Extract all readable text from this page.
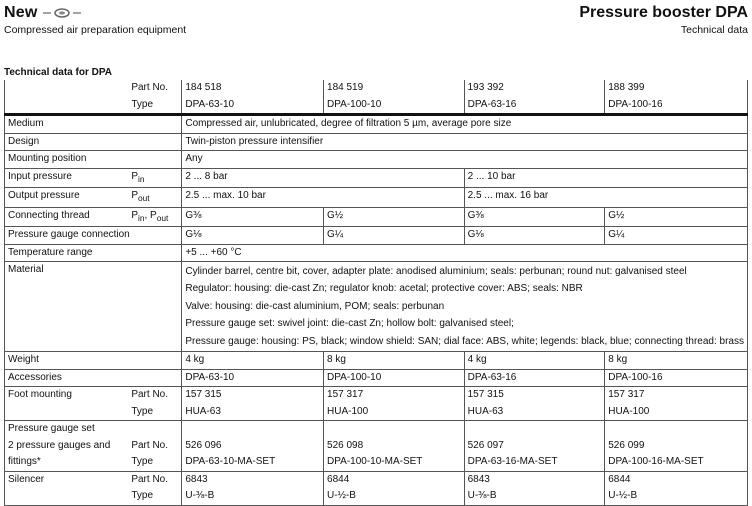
New
Compressed air preparation equipment
Pressure booster DPA
Technical data
Technical data for DPA
	Part No.	184 518	184 519	193 392	188 399
	Type	DPA-63-10	DPA-100-10	DPA-63-16	DPA-100-16
Medium		Compressed air, unlubricated, degree of filtration 5 µm, average pore size			
Design		Twin-piston pressure intensifier			
Mounting position		Any			
Input pressure	$P_{in}$	2 ... 8 bar		2 ... 10 bar	
Output pressure	$P_{out}$	2.5 ... max. 10 bar		2.5 ... max. 16 bar	
Connecting thread	$P_{in}$, $P_{out}$	G⅜	G½	G⅜	G½
Pressure gauge connection		G⅛	G¼	G⅛	G¼
Temperature range		+5 ... +60 °C			
Material		Cylinder barrel, centre bit, cover, adapter plate: anodised aluminium; seals: perbunan; round nut: galvanised steel
Regulator: housing: die-cast Zn; regulator knob: acetal; protective cover: ABS; seals: NBR
Valve: housing: die-cast aluminium, POM; seals: perbunan
Pressure gauge set: swivel joint: die-cast Zn; hollow bolt: galvanised steel;
Pressure gauge: housing: PS, black; window shield: SAN; dial face: ABS, white; legends: black, blue; connecting thread: brass			

Weight		4 kg	8 kg	4 kg	8 kg
Accessories		DPA-63-10	DPA-100-10	DPA-63-16	DPA-100-16
Foot mounting	Part No.	157 315	157 317	157 315	157 317
	Type	HUA-63	HUA-100	HUA-63	HUA-100
Pressure gauge set					
2 pressure gauges and	Part No.	526 096	526 098	526 097	526 099
fittings*	Type	DPA-63-10-MA-SET	DPA-100-10-MA-SET	DPA-63-16-MA-SET	DPA-100-16-MA-SET
Silencer	Part No.	6843	6844	6843	6844
	Type	U-⅜-B	U-½-B	U-⅜-B	U-½-B
